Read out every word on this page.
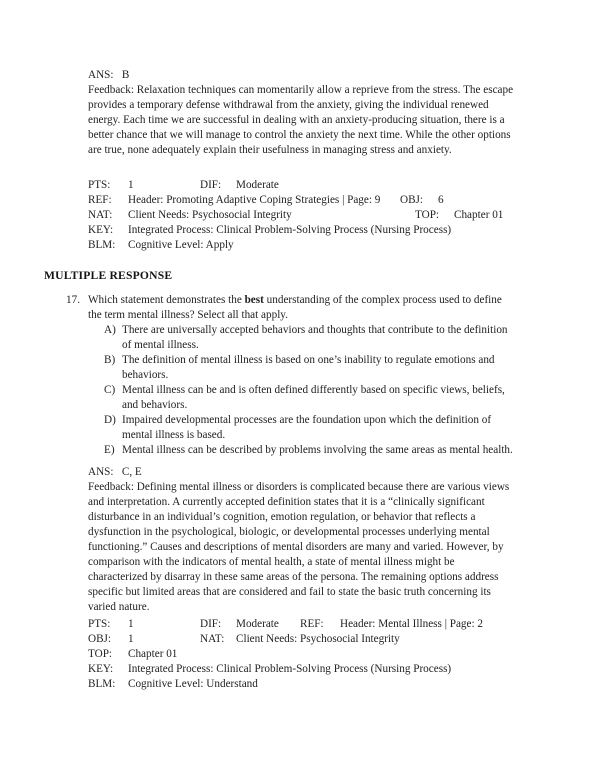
ANS:   B
Feedback: Relaxation techniques can momentarily allow a reprieve from the stress. The escape provides a temporary defense withdrawal from the anxiety, giving the individual renewed energy. Each time we are successful in dealing with an anxiety-producing situation, there is a better chance that we will manage to control the anxiety the next time. While the other options are true, none adequately explain their usefulness in managing stress and anxiety.
PTS: 1	DIF: Moderate
REF: Header: Promoting Adaptive Coping Strategies | Page: 9 OBJ: 6
NAT: Client Needs: Psychosocial Integrity	TOP: Chapter 01
KEY: Integrated Process: Clinical Problem-Solving Process (Nursing Process)
BLM: Cognitive Level: Apply
MULTIPLE RESPONSE
17. Which statement demonstrates the best understanding of the complex process used to define the term mental illness? Select all that apply.
A) There are universally accepted behaviors and thoughts that contribute to the definition of mental illness.
B) The definition of mental illness is based on one’s inability to regulate emotions and behaviors.
C) Mental illness can be and is often defined differently based on specific views, beliefs, and behaviors.
D) Impaired developmental processes are the foundation upon which the definition of mental illness is based.
E) Mental illness can be described by problems involving the same areas as mental health.
ANS:   C, E
Feedback: Defining mental illness or disorders is complicated because there are various views and interpretation. A currently accepted definition states that it is a “clinically significant disturbance in an individual’s cognition, emotion regulation, or behavior that reflects a dysfunction in the psychological, biologic, or developmental processes underlying mental functioning.” Causes and descriptions of mental disorders are many and varied. However, by comparison with the indicators of mental health, a state of mental illness might be characterized by disarray in these same areas of the persona. The remaining options address specific but limited areas that are considered and fail to state the basic truth concerning its varied nature.
PTS: 1	DIF: Moderate REF: Header: Mental Illness | Page: 2
OBJ: 1	NAT: Client Needs: Psychosocial Integrity
TOP: Chapter 01
KEY: Integrated Process: Clinical Problem-Solving Process (Nursing Process)
BLM: Cognitive Level: Understand
